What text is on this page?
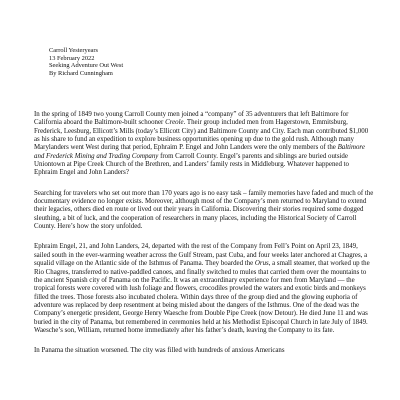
Carroll Yesteryears
13 February 2022
Seeking Adventure Out West
By Richard Cunningham

In the spring of 1849 two young Carroll County men joined a “company” of 35 adventurers that left Baltimore for California aboard the Baltimore-built schooner Creole. Their group included men from Hagerstown, Emmitsburg, Frederick, Leesburg, Ellicott’s Mills (today’s Ellicott City) and Baltimore County and City. Each man contributed $1,000 as his share to fund an expedition to explore business opportunities opening up due to the gold rush. Although many Marylanders went West during that period, Ephraim P. Engel and John Landers were the only members of the Baltimore and Frederick Mining and Trading Company from Carroll County. Engel’s parents and siblings are buried outside Uniontown at Pipe Creek Church of the Brethren, and Landers’ family rests in Middleburg. Whatever happened to Ephraim Engel and John Landers?

Searching for travelers who set out more than 170 years ago is no easy task – family memories have faded and much of the documentary evidence no longer exists. Moreover, although most of the Company’s men returned to Maryland to extend their legacies, others died en route or lived out their years in California. Discovering their stories required some dogged sleuthing, a bit of luck, and the cooperation of researchers in many places, including the Historical Society of Carroll County. Here’s how the story unfolded.

Ephraim Engel, 21, and John Landers, 24, departed with the rest of the Company from Fell’s Point on April 23, 1849, sailed south in the ever-warming weather across the Gulf Stream, past Cuba, and four weeks later anchored at Chagres, a squalid village on the Atlantic side of the Isthmus of Panama. They boarded the Orus, a small steamer, that worked up the Rio Chagres, transferred to native-paddled canoes, and finally switched to mules that carried them over the mountains to the ancient Spanish city of Panama on the Pacific. It was an extraordinary experience for men from Maryland — the tropical forests were covered with lush foliage and flowers, crocodiles prowled the waters and exotic birds and monkeys filled the trees. Those forests also incubated cholera. Within days three of the group died and the glowing euphoria of adventure was replaced by deep resentment at being misled about the dangers of the Isthmus. One of the dead was the Company’s energetic president, George Henry Waesche from Double Pipe Creek (now Detour). He died June 11 and was buried in the city of Panama, but remembered in ceremonies held at his Methodist Episcopal Church in late July of 1849. Waesche’s son, William, returned home immediately after his father’s death, leaving the Company to its fate.

In Panama the situation worsened. The city was filled with hundreds of anxious Americans
